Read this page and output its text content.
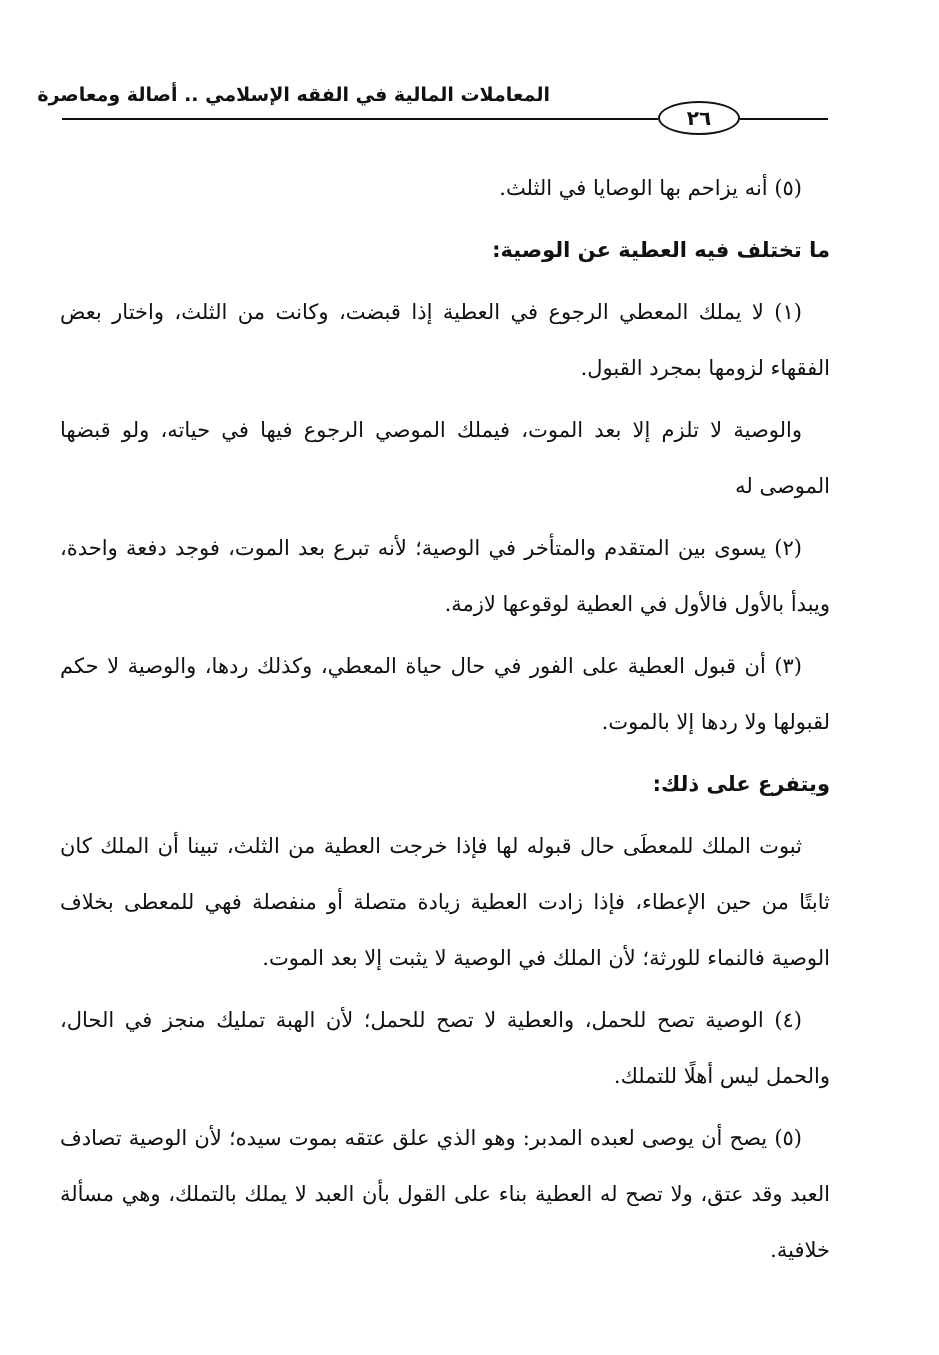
المعاملات المالية في الفقه الإسلامي .. أصالة ومعاصرة
٢٦

(٥) أنه يزاحم بها الوصايا في الثلث.

ما تختلف فيه العطية عن الوصية:

(١) لا يملك المعطي الرجوع في العطية إذا قبضت، وكانت من الثلث، واختار بعض الفقهاء لزومها بمجرد القبول.

والوصية لا تلزم إلا بعد الموت، فيملك الموصي الرجوع فيها في حياته، ولو قبضها الموصى له

(٢) يسوى بين المتقدم والمتأخر في الوصية؛ لأنه تبرع بعد الموت، فوجد دفعة واحدة، ويبدأ بالأول فالأول في العطية لوقوعها لازمة.

(٣) أن قبول العطية على الفور في حال حياة المعطي، وكذلك ردها، والوصية لا حكم لقبولها ولا ردها إلا بالموت.

ويتفرع على ذلك:

ثبوت الملك للمعطَى حال قبوله لها فإذا خرجت العطية من الثلث، تبينا أن الملك كان ثابتًا من حين الإعطاء، فإذا زادت العطية زيادة متصلة أو منفصلة فهي للمعطى بخلاف الوصية فالنماء للورثة؛ لأن الملك في الوصية لا يثبت إلا بعد الموت.

(٤) الوصية تصح للحمل، والعطية لا تصح للحمل؛ لأن الهبة تمليك منجز في الحال، والحمل ليس أهلًا للتملك.

(٥) يصح أن يوصى لعبده المدبر: وهو الذي علق عتقه بموت سيده؛ لأن الوصية تصادف العبد وقد عتق، ولا تصح له العطية بناء على القول بأن العبد لا يملك بالتملك، وهي مسألة خلافية.
